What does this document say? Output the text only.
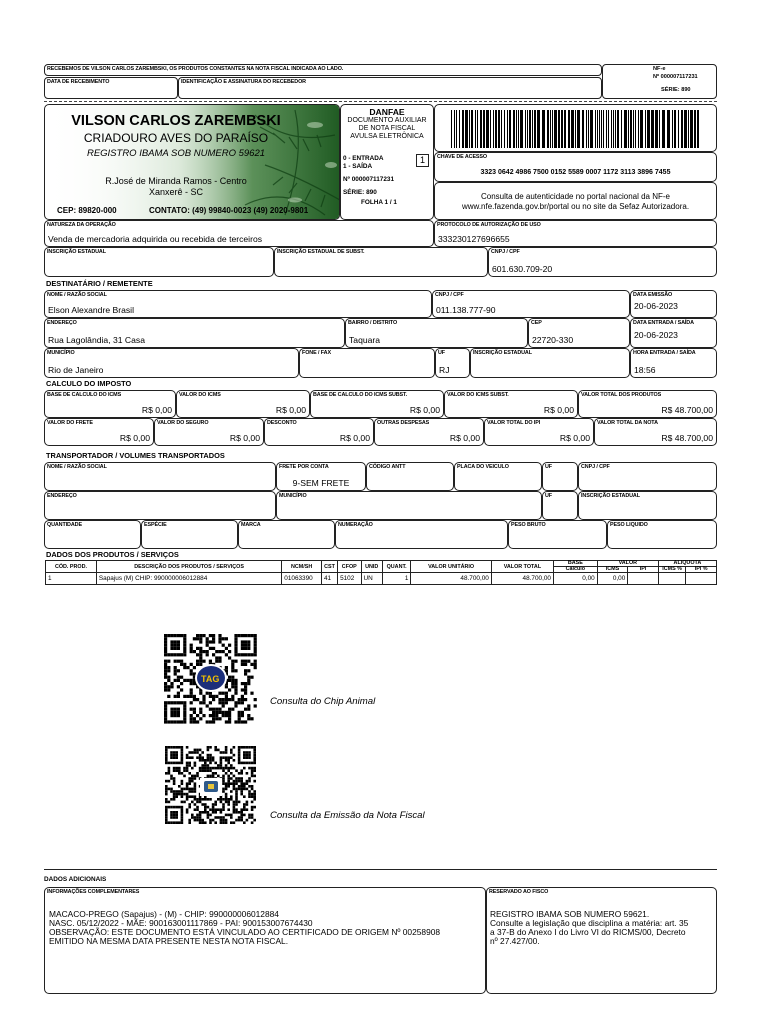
RECEBEMOS DE VILSON CARLOS ZAREMBSKI, OS PRODUTOS CONSTANTES NA NOTA FISCAL INDICADA AO LADO.
DATA DE RECEBIMENTO	IDENTIFICAÇÃO E ASSINATURA DO RECEBEDOR
NF-e
Nº 000007117231
SÉRIE: 890
VILSON CARLOS ZAREMBSKI
CRIADOURO AVES DO PARAÍSO
REGISTRO IBAMA SOB NUMERO 59621
R.José de Miranda Ramos - Centro
Xanxerê - SC
CEP: 89820-000	CONTATO: (49) 99840-0023 (49) 2020-9801
DANFAE
DOCUMENTO AUXILIAR
DE NOTA FISCAL
AVULSA ELETRÔNICA
0 - ENTRADA
1 - SAÍDA
1
Nº 000007117231
SÉRIE: 890
FOLHA 1 / 1
CHAVE DE ACESSO
3323 0642 4986 7500 0152 5589 0007 1172 3113 3896 7455
Consulta de autenticidade no portal nacional da NF-e
www.nfe.fazenda.gov.br/portal ou no site da Sefaz Autorizadora.
NATUREZA DA OPERAÇÃO
Venda de mercadoria adquirida ou recebida de terceiros
PROTOCOLO DE AUTORIZAÇÃO DE USO
333230127696655
INSCRIÇÃO ESTADUAL	INSCRIÇÃO ESTADUAL DE SUBST.	CNPJ / CPF
601.630.709-20
DESTINATÁRIO / REMETENTE
NOME / RAZÃO SOCIAL
Elson Alexandre Brasil
CNPJ / CPF
011.138.777-90
DATA EMISSÃO
20-06-2023
ENDEREÇO
Rua Lagolândia, 31 Casa
BAIRRO / DISTRITO
Taquara
CEP
22720-330
DATA ENTRADA / SAÍDA
20-06-2023
MUNICÍPIO
Rio de Janeiro
FONE / FAX	UF
RJ
INSCRIÇÃO ESTADUAL	HORA ENTRADA / SAÍDA
18:56
CALCULO DO IMPOSTO
BASE DE CALCULO DO ICMS
R$ 0,00
VALOR DO ICMS
R$ 0,00
BASE DE CALCULO DO ICMS SUBST.
R$ 0,00
VALOR DO ICMS SUBST.
R$ 0,00
VALOR TOTAL DOS PRODUTOS
R$ 48.700,00
VALOR DO FRETE
R$ 0,00
VALOR DO SEGURO
R$ 0,00
DESCONTO
R$ 0,00
OUTRAS DESPESAS
R$ 0,00
VALOR TOTAL DO IPI
R$ 0,00
VALOR TOTAL DA NOTA
R$ 48.700,00
TRANSPORTADOR / VOLUMES TRANSPORTADOS
NOME / RAZÃO SOCIAL	FRETE POR CONTA
9-SEM FRETE
CÓDIGO ANTT	PLACA DO VEICULO	UF	CNPJ / CPF
ENDEREÇO	MUNICÍPIO	UF	INSCRIÇÃO ESTADUAL
QUANTIDADE	ESPÉCIE	MARCA	NUMERAÇÃO	PESO BRUTO	PESO LIQUIDO
DADOS DOS PRODUTOS / SERVIÇOS
CÓD. PROD.	DESCRIÇÃO DOS PRODUTOS / SERVIÇOS	NCM/SH	CST	CFOP	UNID	QUANT.	VALOR UNITÁRIO	VALOR TOTAL	BASE	VALOR		ALIQUOTA	
									Cálculo	ICMS	IPI	ICMS %	IPI %
1	Sapajus (M) CHIP: 990000006012884	01063390	41	5102	UN	1	48.700,00	48.700,00	0,00	0,00			
TAG
Consulta do Chip Animal
Consulta da Emissão da Nota Fiscal
DADOS ADICIONAIS
INFORMAÇÕES COMPLEMENTARES
MACACO-PREGO (Sapajus) - (M) - CHIP: 990000006012884
NASC. 05/12/2022 - MÃE: 900163001117869 - PAI: 900153007674430
OBSERVAÇÃO: ESTE DOCUMENTO ESTÁ VINCULADO AO CERTIFICADO DE ORIGEM Nº 00258908
EMITIDO NA MESMA DATA PRESENTE NESTA NOTA FISCAL.
RESERVADO AO FISCO
REGISTRO IBAMA SOB NUMERO 59621.
Consulte a legislação que disciplina a matéria: art. 35
a 37-B do Anexo I do Livro VI do RICMS/00, Decreto
nº 27.427/00.
